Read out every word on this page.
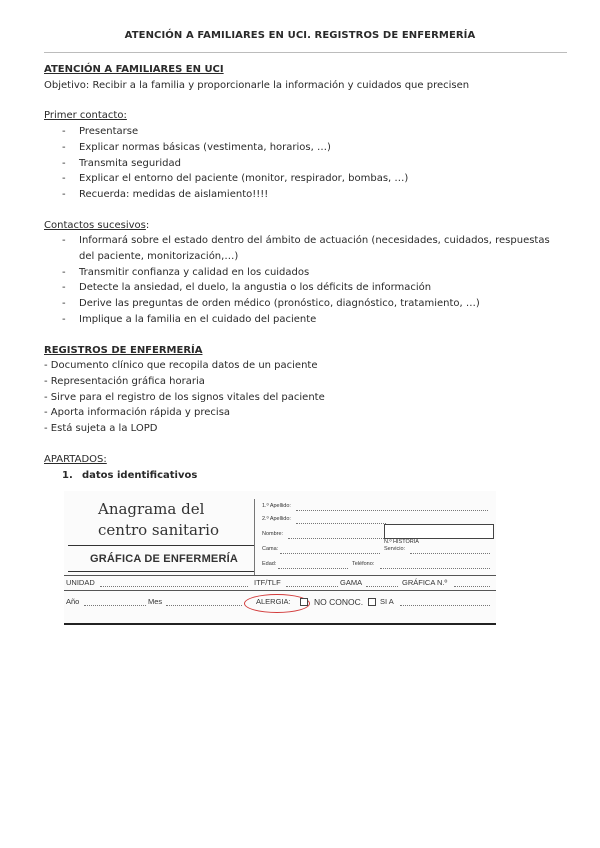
ATENCIÓN A FAMILIARES EN UCI. REGISTROS DE ENFERMERÍA
ATENCIÓN A FAMILIARES EN UCI
Objetivo: Recibir a la familia y proporcionarle la información y cuidados que precisen
Primer contacto:
- Presentarse
- Explicar normas básicas (vestimenta, horarios, …)
- Transmita seguridad
- Explicar el entorno del paciente (monitor, respirador, bombas, …)
- Recuerda: medidas de aislamiento!!!!
Contactos sucesivos:
- Informará sobre el estado dentro del ámbito de actuación (necesidades, cuidados, respuestas del paciente, monitorización,…)
- Transmitir confianza y calidad en los cuidados
- Detecte la ansiedad, el duelo, la angustia o los déficits de información
- Derive las preguntas de orden médico (pronóstico, diagnóstico, tratamiento, …)
- Implique a la familia en el cuidado del paciente
REGISTROS DE ENFERMERÍA
- Documento clínico que recopila datos de un paciente
- Representación gráfica horaria
- Sirve para el registro de los signos vitales del paciente
- Aporta información rápida y precisa
- Está sujeta a la LOPD
APARTADOS:
1. datos identificativos
Anagrama del
centro sanitario
GRÁFICA DE ENFERMERÍA
1.º Apellido:
2.º Apellido:
Nombre:
N.º HISTORIA
Cama:	Servicio:
Edad:	Teléfono:
UNIDAD	ITF/TLF	GAMA	GRÁFICA N.º
Año	Mes	ALERGIA:	NO CONOC. SI A
